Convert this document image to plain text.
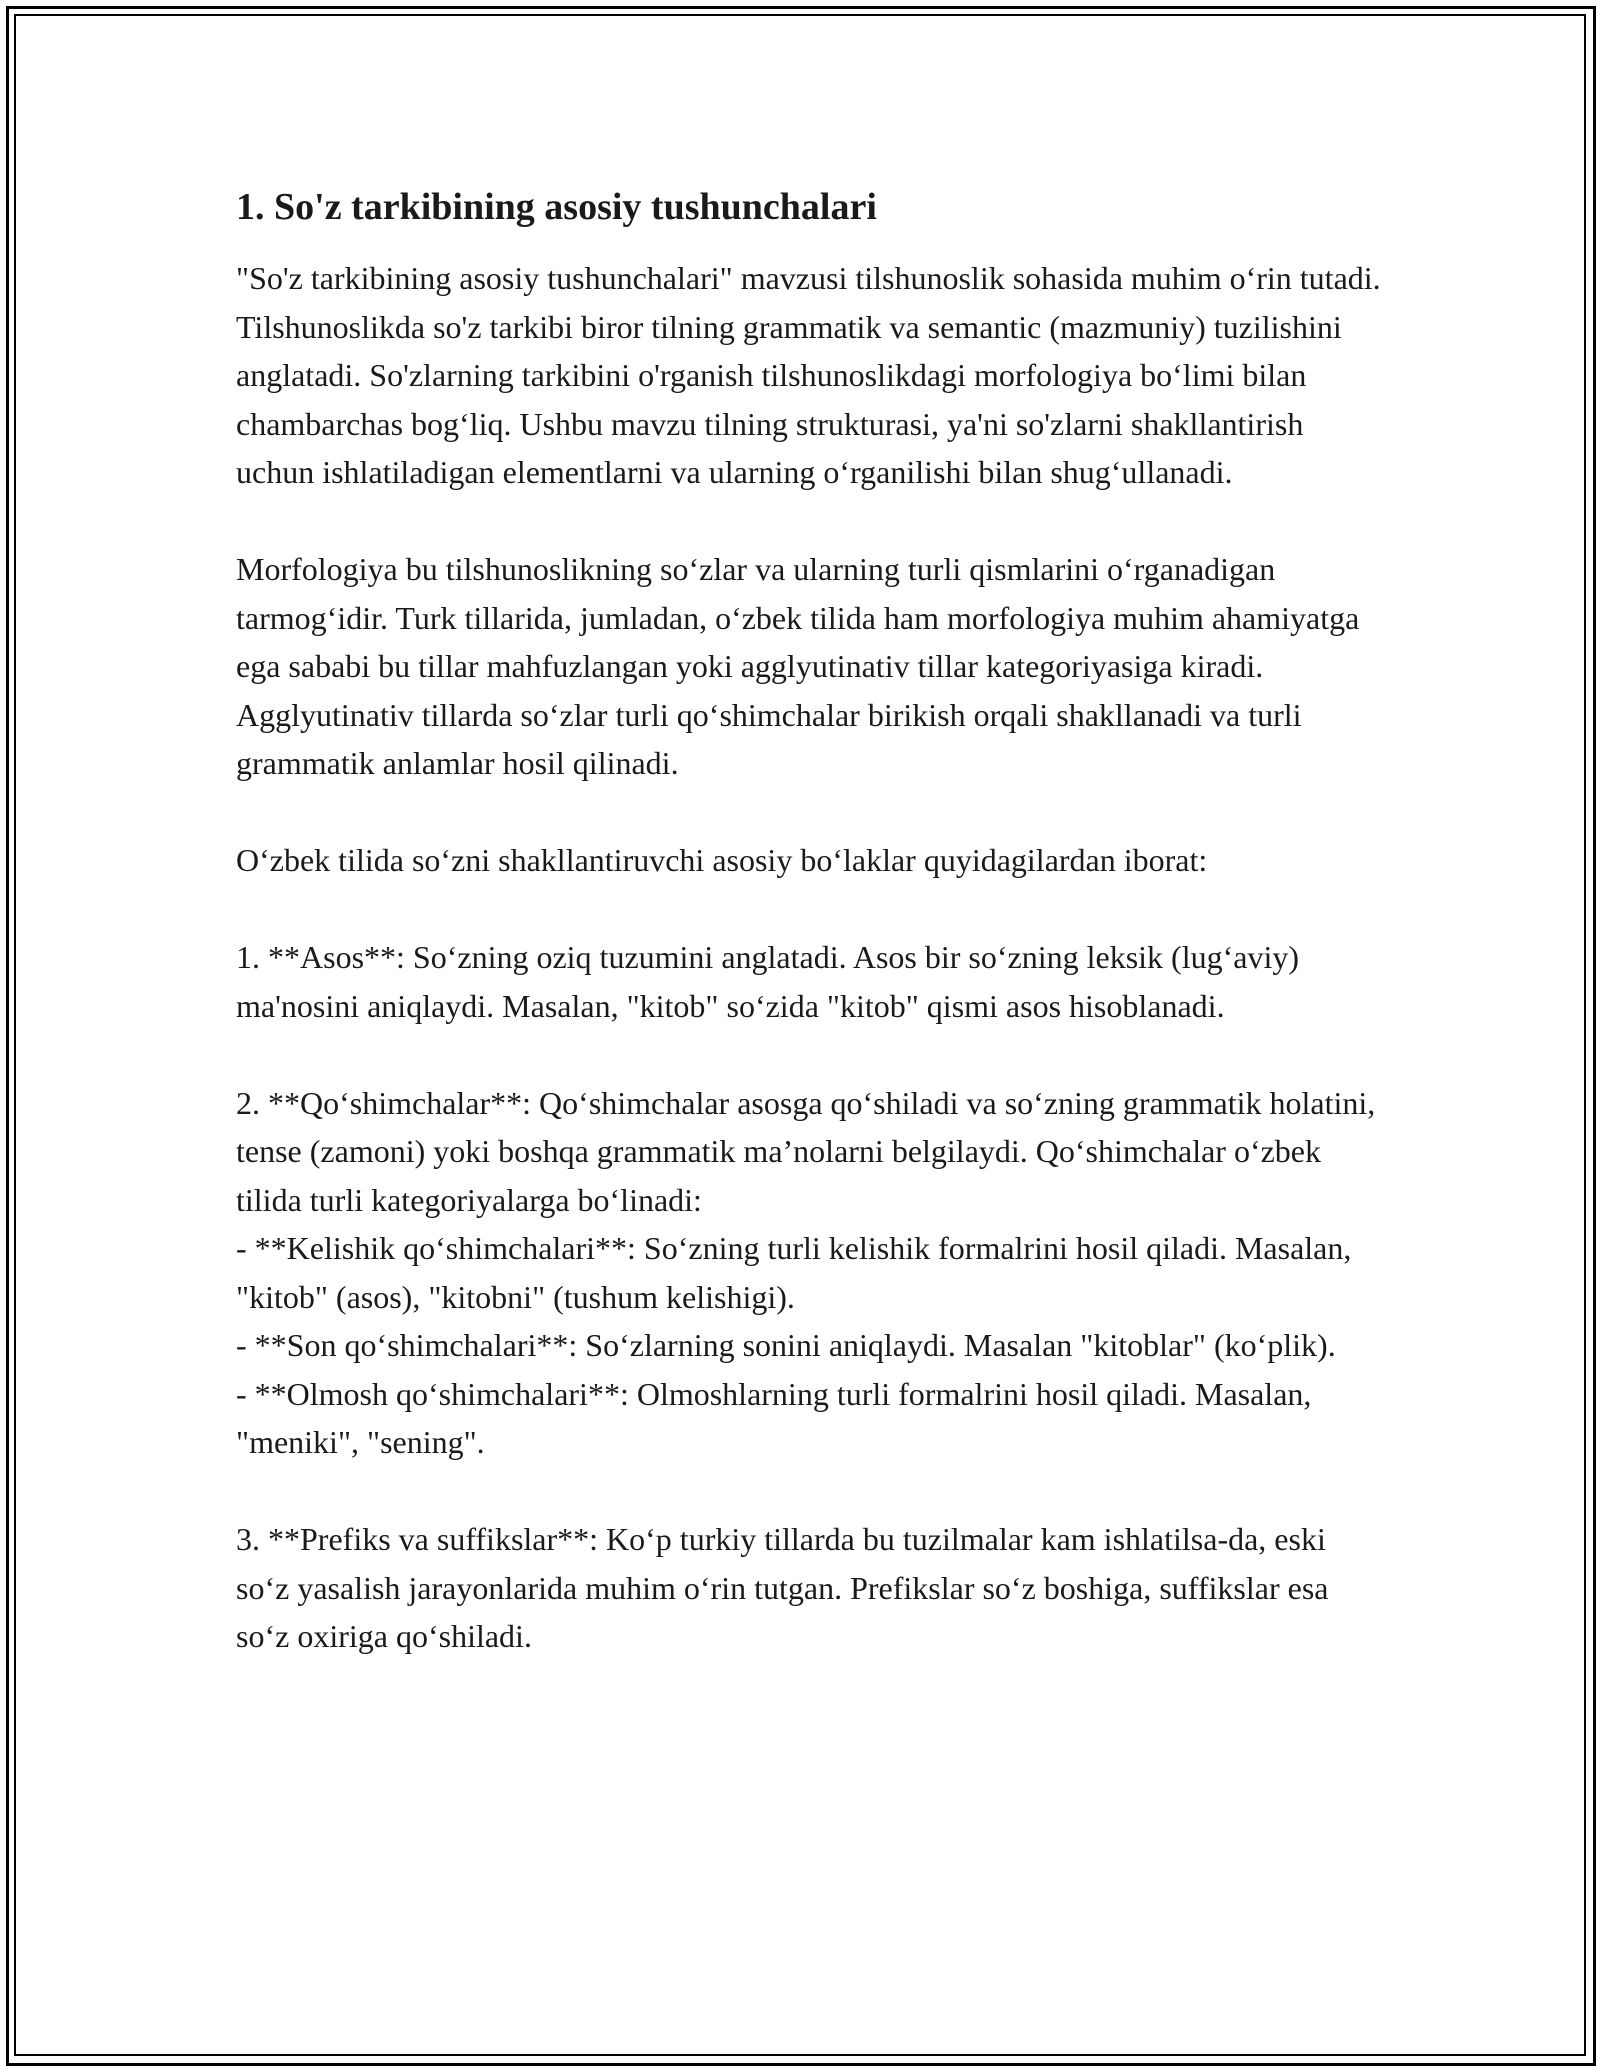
1. So'z tarkibining asosiy tushunchalari

"So'z tarkibining asosiy tushunchalari" mavzusi tilshunoslik sohasida muhim o‘rin tutadi. Tilshunoslikda so'z tarkibi biror tilning grammatik va semantic (mazmuniy) tuzilishini anglatadi. So'zlarning tarkibini o'rganish tilshunoslikdagi morfologiya bo‘limi bilan chambarchas bog‘liq. Ushbu mavzu tilning strukturasi, ya'ni so'zlarni shakllantirish uchun ishlatiladigan elementlarni va ularning o‘rganilishi bilan shug‘ullanadi.

Morfologiya bu tilshunoslikning so‘zlar va ularning turli qismlarini o‘rganadigan tarmog‘idir. Turk tillarida, jumladan, o‘zbek tilida ham morfologiya muhim ahamiyatga ega sababi bu tillar mahfuzlangan yoki agglyutinativ tillar kategoriyasiga kiradi. Agglyutinativ tillarda so‘zlar turli qo‘shimchalar birikish orqali shakllanadi va turli grammatik anlamlar hosil qilinadi.

O‘zbek tilida so‘zni shakllantiruvchi asosiy bo‘laklar quyidagilardan iborat:

1. **Asos**: So‘zning oziq tuzumini anglatadi. Asos bir so‘zning leksik (lug‘aviy) ma'nosini aniqlaydi. Masalan, "kitob" so‘zida "kitob" qismi asos hisoblanadi.

2. **Qo‘shimchalar**: Qo‘shimchalar asosga qo‘shiladi va so‘zning grammatik holatini, tense (zamoni) yoki boshqa grammatik ma’nolarni belgilaydi. Qo‘shimchalar o‘zbek tilida turli kategoriyalarga bo‘linadi:
- **Kelishik qo‘shimchalari**: So‘zning turli kelishik formalrini hosil qiladi. Masalan, "kitob" (asos), "kitobni" (tushum kelishigi).
- **Son qo‘shimchalari**: So‘zlarning sonini aniqlaydi. Masalan "kitoblar" (ko‘plik).
- **Olmosh qo‘shimchalari**: Olmoshlarning turli formalrini hosil qiladi. Masalan, "meniki", "sening".

3. **Prefiks va suffikslar**: Ko‘p turkiy tillarda bu tuzilmalar kam ishlatilsa-da, eski so‘z yasalish jarayonlarida muhim o‘rin tutgan. Prefikslar so‘z boshiga, suffikslar esa so‘z oxiriga qo‘shiladi.
